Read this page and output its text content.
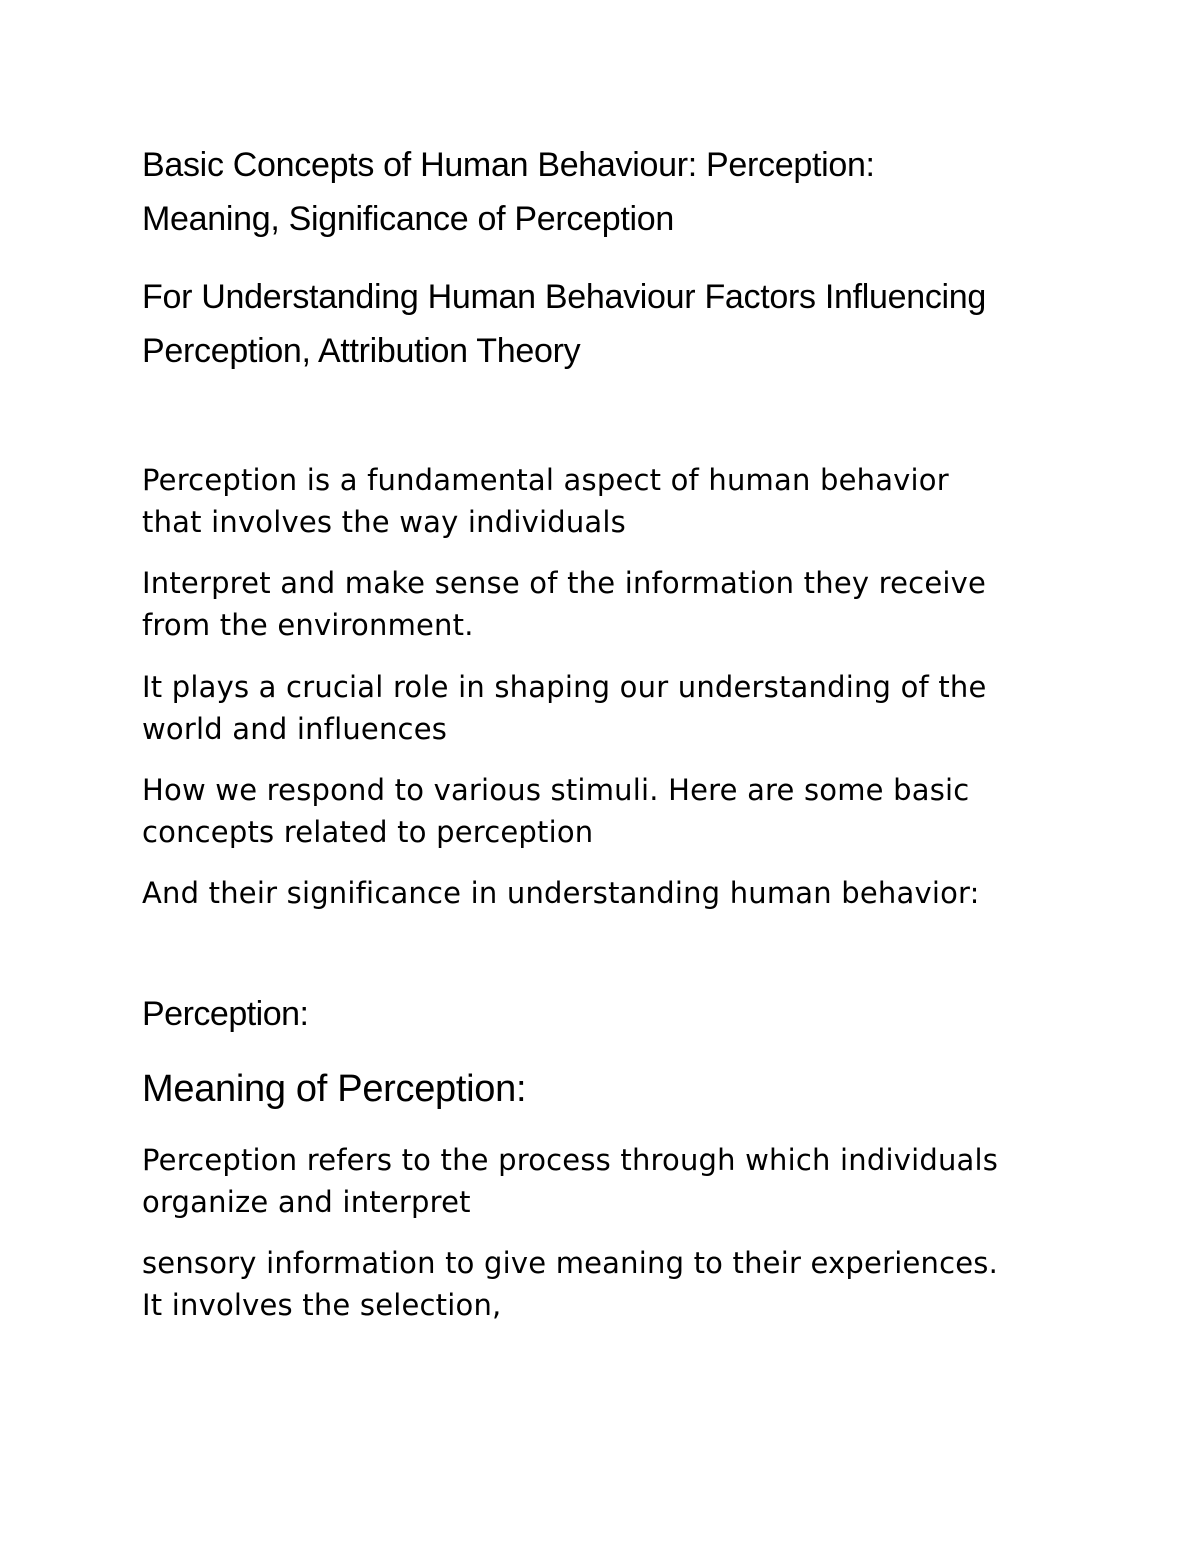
Basic Concepts of Human Behaviour: Perception:
Meaning, Significance of Perception
For Understanding Human Behaviour Factors Influencing
Perception, Attribution Theory
Perception is a fundamental aspect of human behavior
that involves the way individuals
Interpret and make sense of the information they receive
from the environment.
It plays a crucial role in shaping our understanding of the
world and influences
How we respond to various stimuli. Here are some basic
concepts related to perception
And their significance in understanding human behavior:
Perception:
Meaning of Perception:
Perception refers to the process through which individuals
organize and interpret
sensory information to give meaning to their experiences.
It involves the selection,
